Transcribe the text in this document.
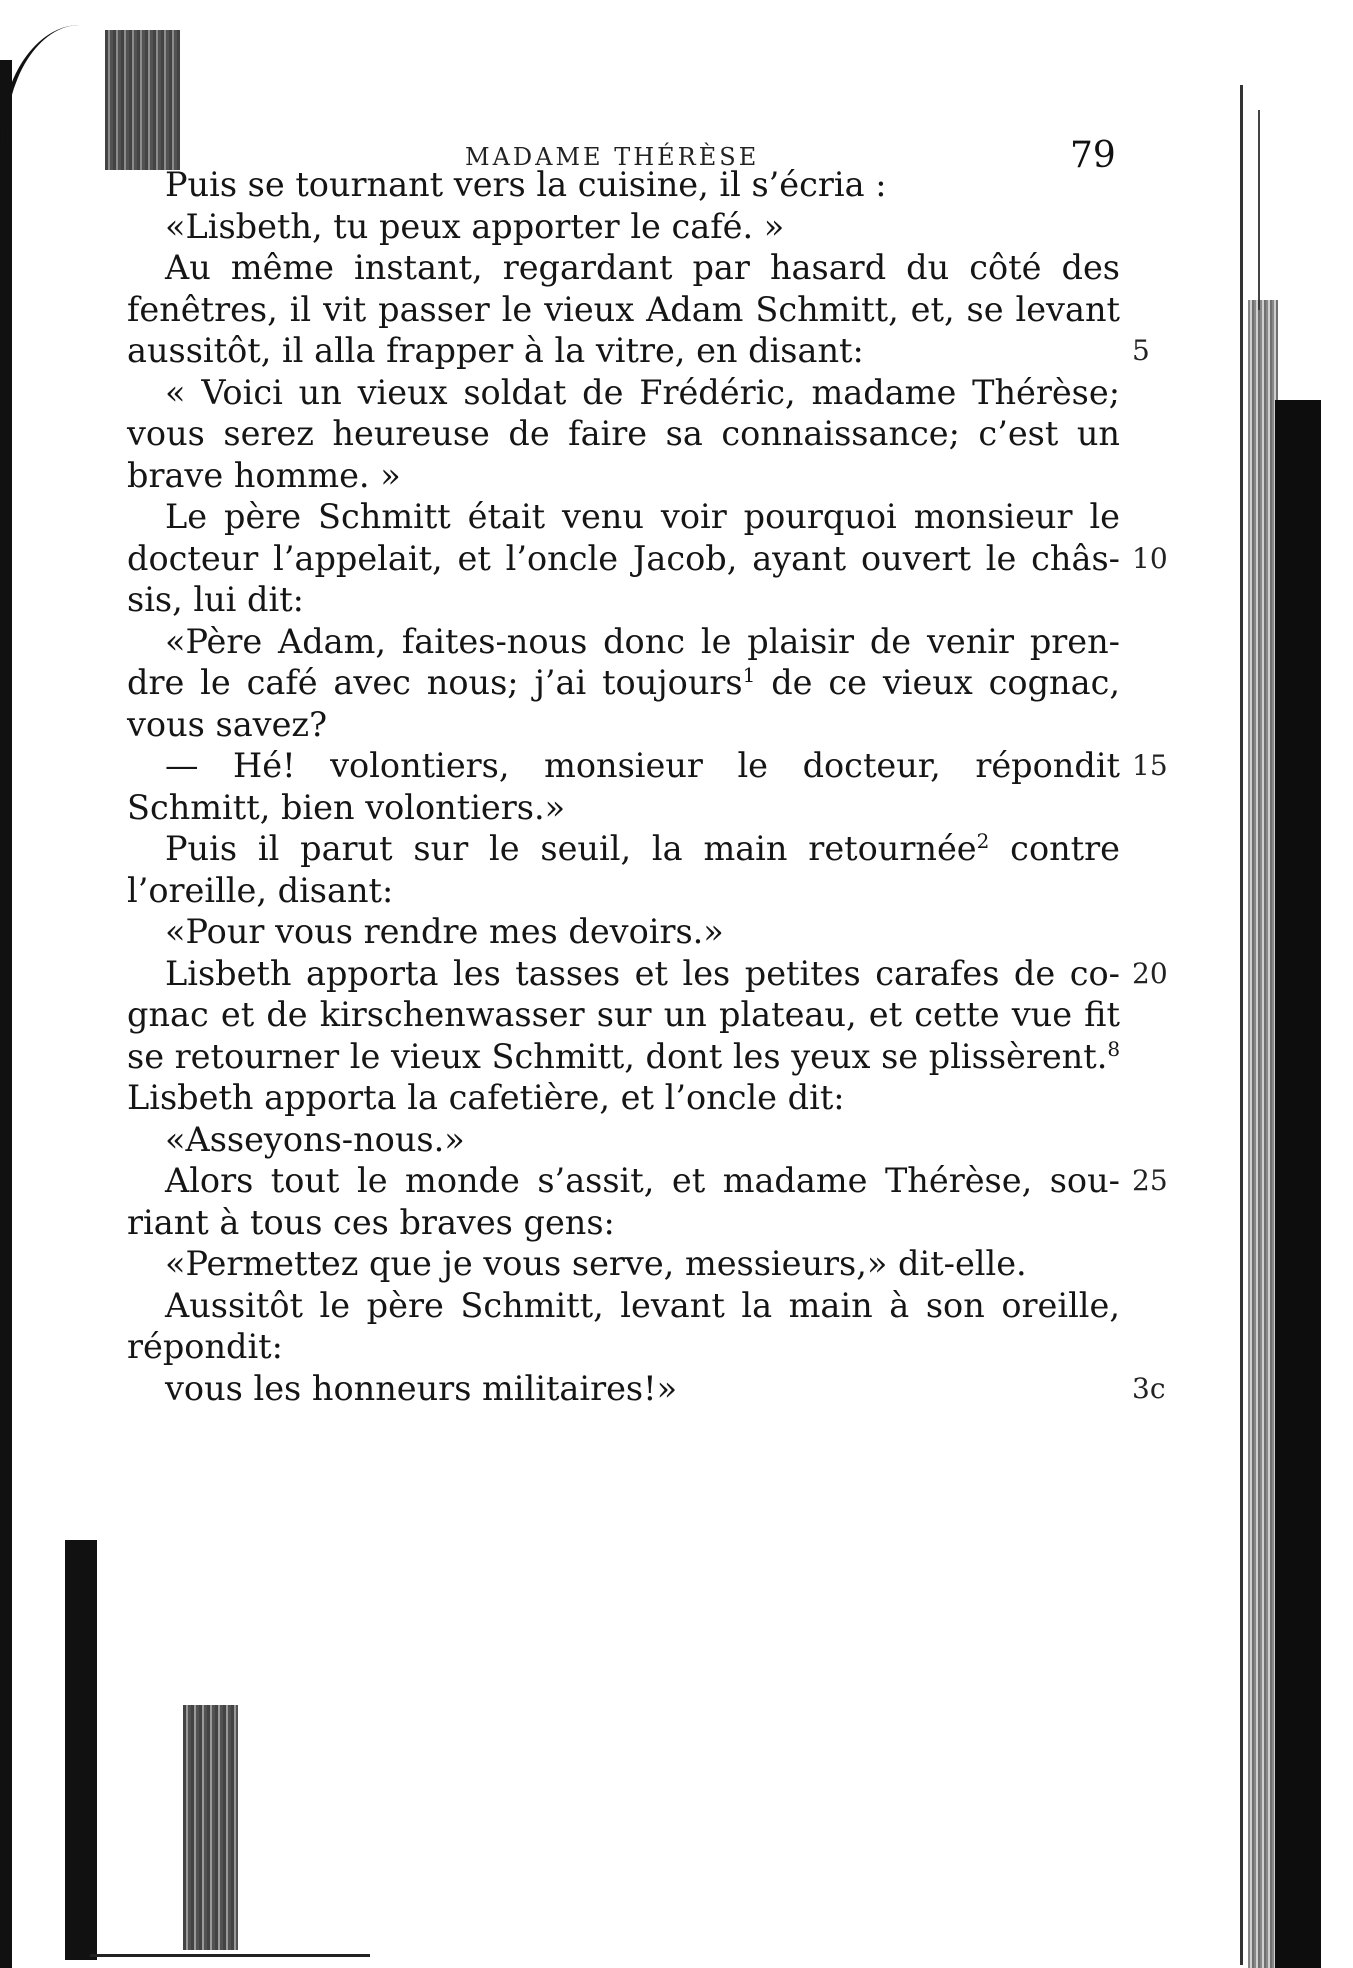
MADAME THÉRÈSE	79
Puis se tournant vers la cuisine, il s’écria :
«Lisbeth, tu peux apporter le café. »
Au même instant, regardant par hasard du côté des
fenêtres, il vit passer le vieux Adam Schmitt, et, se levant
aussitôt, il alla frapper à la vitre, en disant:	5
« Voici un vieux soldat de Frédéric, madame Thérèse;
vous serez heureuse de faire sa connaissance; c’est un
brave homme. »
Le père Schmitt était venu voir pourquoi monsieur le
docteur l’appelait, et l’oncle Jacob, ayant ouvert le châs- 10
sis, lui dit:
«Père Adam, faites-nous donc le plaisir de venir pren-
dre le café avec nous; j’ai toujours$^1$ de ce vieux cognac,
vous savez?
— Hé! volontiers, monsieur le docteur, répondit 15
Schmitt, bien volontiers.»
Puis il parut sur le seuil, la main retournée$^2$ contre
l’oreille, disant:
«Pour vous rendre mes devoirs.»
Lisbeth apporta les tasses et les petites carafes de co- 20
gnac et de kirschenwasser sur un plateau, et cette vue fit
se retourner le vieux Schmitt, dont les yeux se plissèrent.$^8$
Lisbeth apporta la cafetière, et l’oncle dit:
«Asseyons-nous.»
Alors tout le monde s’assit, et madame Thérèse, sou- 25
riant à tous ces braves gens:
«Permettez que je vous serve, messieurs,» dit-elle.
Aussitôt le père Schmitt, levant la main à son oreille,
répondit:
vous les honneurs militaires!»	3c
